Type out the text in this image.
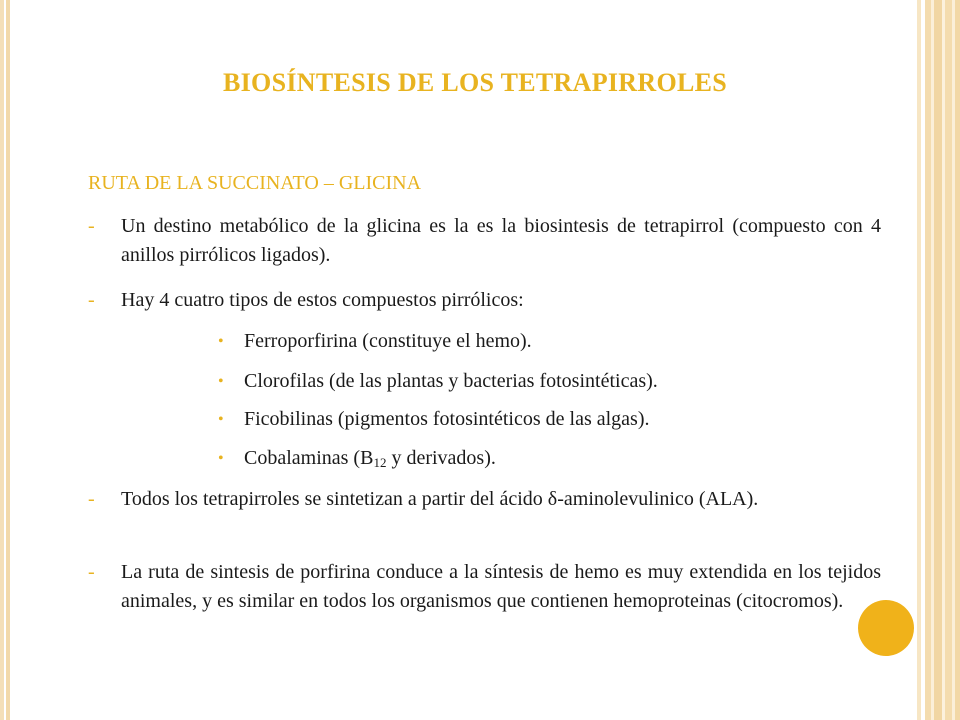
BIOSÍNTESIS DE LOS TETRAPIRROLES
RUTA DE LA SUCCINATO – GLICINA
-	Un destino metabólico de la glicina es la es la biosintesis de tetrapirrol (compuesto con 4 anillos pirrólicos ligados).
-	Hay 4 cuatro tipos de estos compuestos pirrólicos:
• Ferroporfirina (constituye el hemo).
• Clorofilas (de las plantas y bacterias fotosintéticas).
• Ficobilinas (pigmentos fotosintéticos de las algas).
• Cobalaminas ($B_{12}$ y derivados).
-	Todos los tetrapirroles se sintetizan a partir del ácido δ-aminolevulinico (ALA).
-	La ruta de sintesis de porfirina conduce a la síntesis de hemo es muy extendida en los tejidos animales, y es similar en todos los organismos que contienen hemoproteinas (citocromos).
